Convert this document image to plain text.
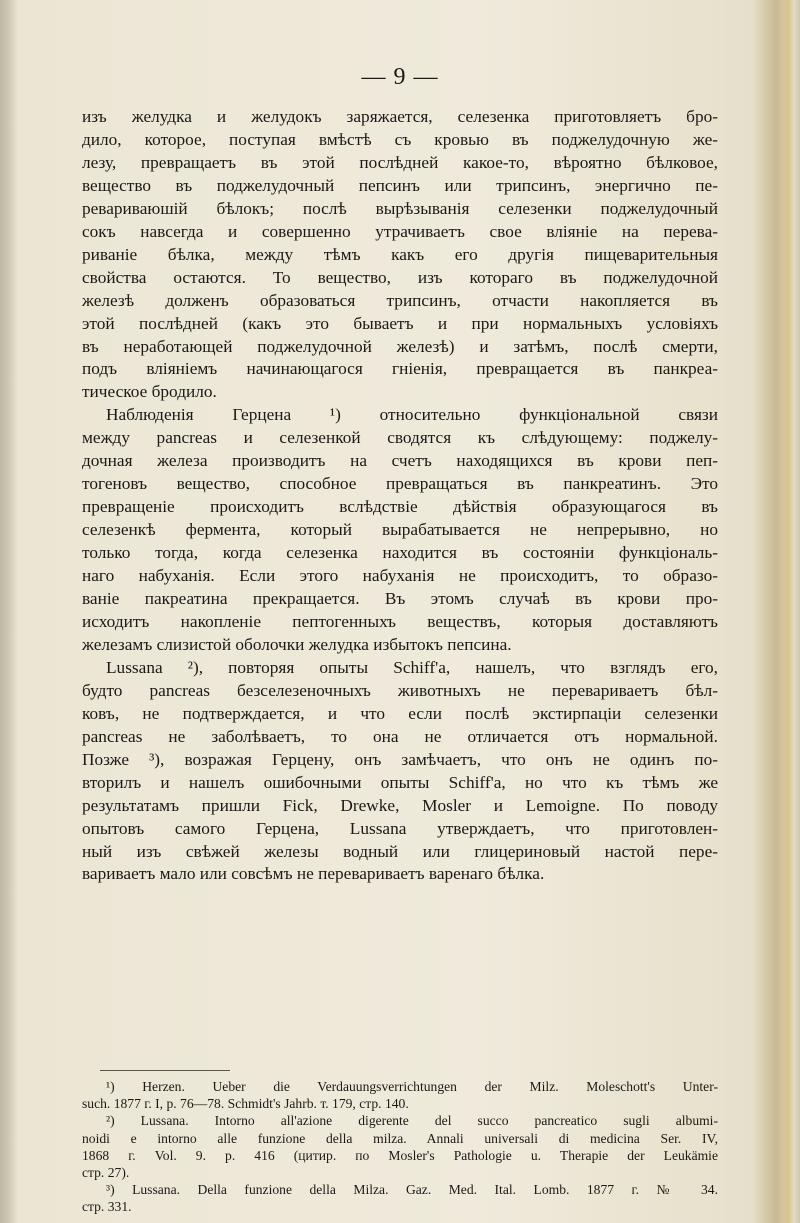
— 9 —
изъ желудка и желудокъ заряжается, селезенка приготовляетъ бро-
дило, которое, поступая вмѣстѣ съ кровью въ поджелудочную же-
лезу, превращаетъ въ этой послѣдней какое-то, вѣроятно бѣлковое,
вещество въ поджелудочный пепсинъ или трипсинъ, энергично пе-
ревариваюшій бѣлокъ; послѣ вырѣзыванія селезенки поджелудочный
сокъ навсегда и совершенно утрачиваетъ свое вліяніе на перева-
риваніе бѣлка, между тѣмъ какъ его другія пищеварительныя
свойства остаются. То вещество, изъ котораго въ поджелудочной
железѣ долженъ образоваться трипсинъ, отчасти накопляется въ
этой послѣдней (какъ это бываетъ и при нормальныхъ условіяхъ
въ неработающей поджелудочной железѣ) и затѣмъ, послѣ смерти,
подъ вліяніемъ начинающагося гніенія, превращается въ панкреа-
тическое бродило.
Наблюденія Герцена ¹) относительно функціональной связи
между pancreas и селезенкой сводятся къ слѣдующему: поджелу-
дочная железа производитъ на счетъ находящихся въ крови пеп-
тогеновъ вещество, способное превращаться въ панкреатинъ. Это
превращеніе происходитъ вслѣдствіе дѣйствія образующагося въ
селезенкѣ фермента, который вырабатывается не непрерывно, но
только тогда, когда селезенка находится въ состояніи функціональ-
наго набуханія. Если этого набуханія не происходитъ, то образо-
ваніе пакреатина прекращается. Въ этомъ случаѣ въ крови про-
исходитъ накопленіе пептогенныхъ веществъ, которыя доставляютъ
железамъ слизистой оболочки желудка избытокъ пепсина.
Lussana ²), повторяя опыты Schiff'а, нашелъ, что взглядъ его,
будто pancreas безселезеночныхъ животныхъ не перевариваетъ бѣл-
ковъ, не подтверждается, и что если послѣ экстирпаціи селезенки
pancreas не заболѣваетъ, то она не отличается отъ нормальной.
Позже ³), возражая Герцену, онъ замѣчаетъ, что онъ не одинъ по-
вторилъ и нашелъ ошибочными опыты Schiff'а, но что къ тѣмъ же
результатамъ пришли Fick, Drewke, Mosler и Lemoigne. По поводу
опытовъ самого Герцена, Lussana утверждаетъ, что приготовлен-
ный изъ свѣжей железы водный или глицериновый настой пере-
вариваетъ мало или совсѣмъ не перевариваетъ варенаго бѣлка.
¹) Herzen. Ueber die Verdauungsverrichtungen der Milz. Moleschott's Unter-
such. 1877 г. I, р. 76—78. Schmidt's Jahrb. т. 179, стр. 140.
²) Lussana. Intorno all'azione digerente del succo pancreatico sugli albumi-
noidi e intorno alle funzione della milza. Annali universali di medicina Ser. IV,
1868 г. Vol. 9. р. 416 (цитир. по Mosler's Pathologie u. Therapie der Leukämie
стр. 27).
³) Lussana. Della funzione della Milza. Gaz. Med. Ital. Lomb. 1877 г. № 34.
стр. 331.
